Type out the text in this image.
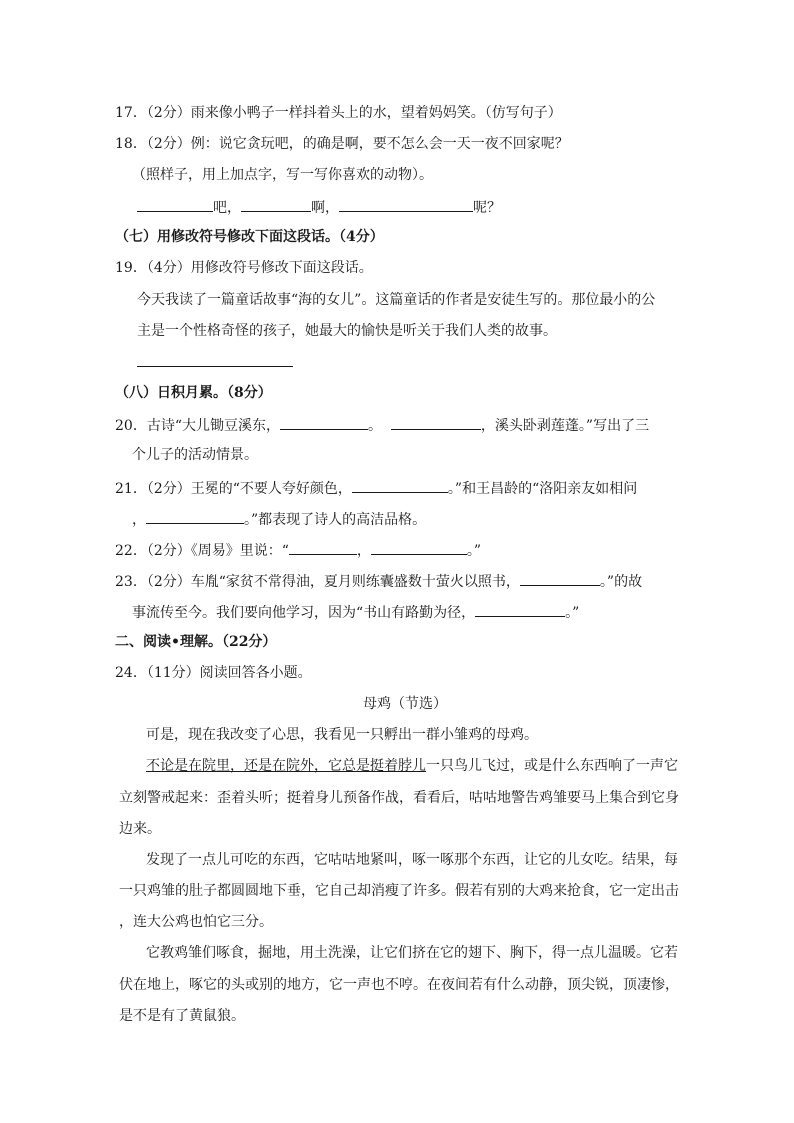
17．（2分）雨来像小鸭子一样抖着头上的水，望着妈妈笑。（仿写句子）
18．（2分）例：说它贪玩吧，的确是啊，要不怎么会一天一夜不回家呢？
（照样子，用上加点字，写一写你喜欢的动物）。
吧，	啊，	呢？
（七）用修改符号修改下面这段话。（4分）
19．（4分）用修改符号修改下面这段话。
今天我读了一篇童话故事“海的女儿”。这篇童话的作者是安徒生写的。那位最小的公
主是一个性格奇怪的孩子，她最大的愉快是听关于我们人类的故事。
（八）日积月累。（8分）
20．古诗“大儿锄豆溪东，	。	，溪头卧剥莲蓬。”写出了三
个儿子的活动情景。
21．（2分）王冕的“不要人夸好颜色，	。”和王昌龄的“洛阳亲友如相问
，	。”都表现了诗人的高洁品格。
22．（2分）《周易》里说：“	，	。”
23．（2分）车胤“家贫不常得油，夏月则练囊盛数十萤火以照书，	。”的故
事流传至今。我们要向他学习，因为“书山有路勤为径，	。”
二、阅读•理解。（22分）
24．（11分）阅读回答各小题。
母鸡（节选）
可是，现在我改变了心思，我看见一只孵出一群小雏鸡的母鸡。
不论是在院里，还是在院外，它总是挺着脖儿一只鸟儿飞过，或是什么东西响了一声它
立刻警戒起来：歪着头听；挺着身儿预备作战，看看后，咕咕地警告鸡雏要马上集合到它身
边来。
发现了一点儿可吃的东西，它咕咕地紧叫，啄一啄那个东西，让它的儿女吃。结果，每
一只鸡雏的肚子都圆圆地下垂，它自己却消瘦了许多。假若有别的大鸡来抢食，它一定出击
，连大公鸡也怕它三分。
它教鸡雏们啄食，掘地，用土洗澡，让它们挤在它的翅下、胸下，得一点儿温暖。它若
伏在地上，啄它的头或别的地方，它一声也不哼。在夜间若有什么动静，顶尖锐，顶凄惨，
是不是有了黄鼠狼。
